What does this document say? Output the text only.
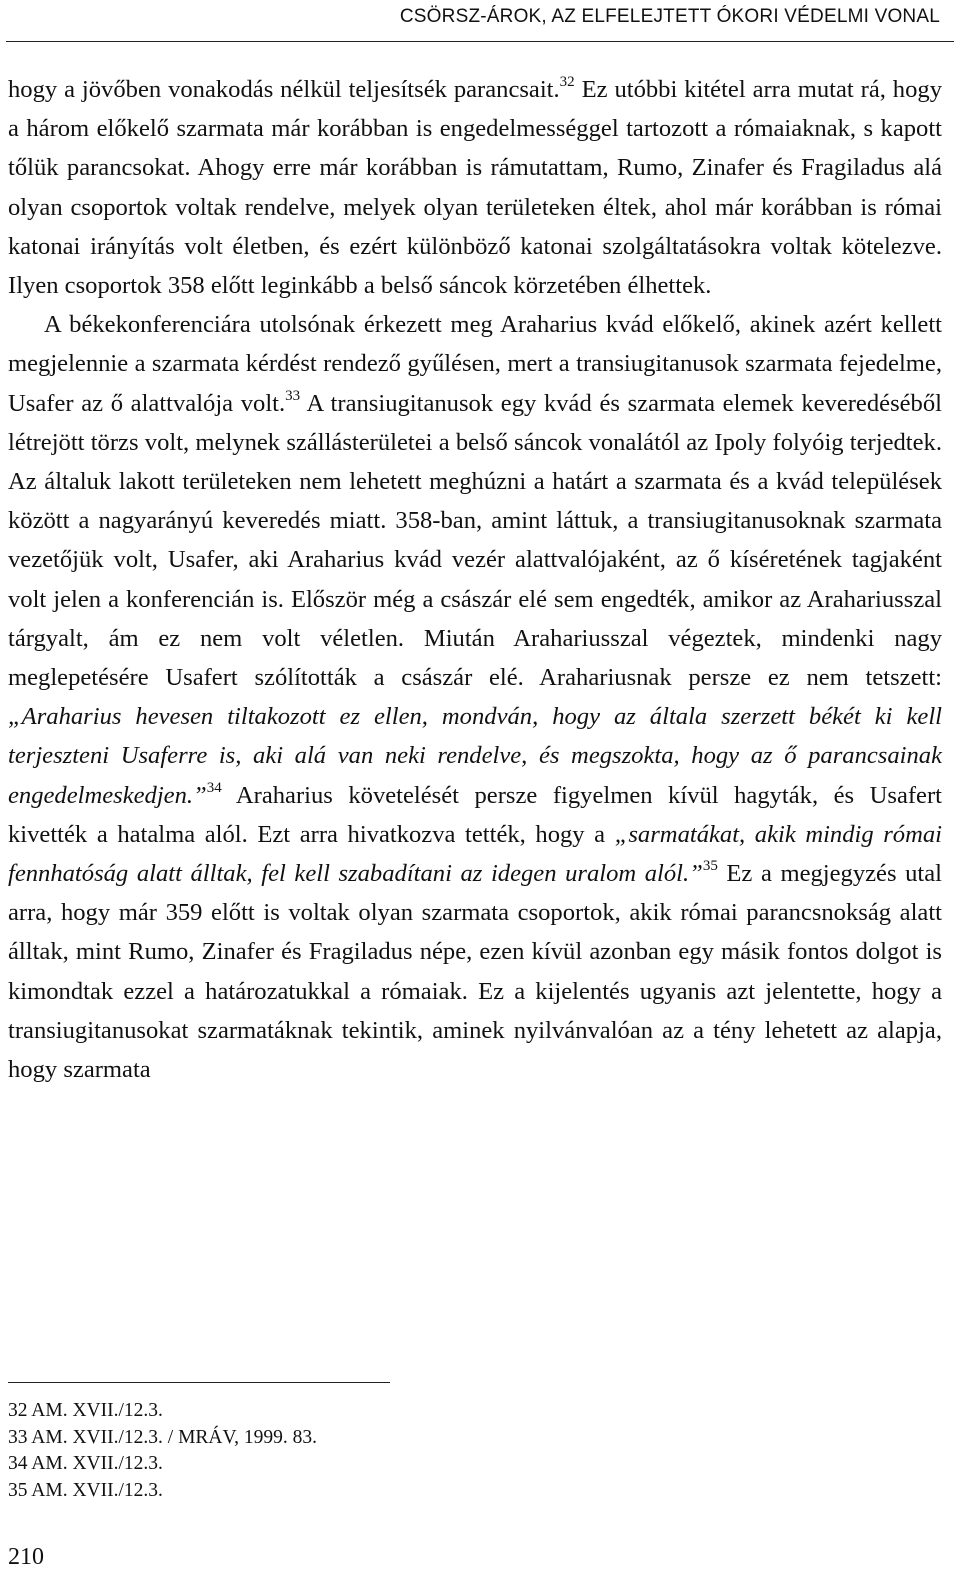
CSÖRSZ-ÁROK, AZ ELFELEJTETT ÓKORI VÉDELMI VONAL

hogy a jövőben vonakodás nélkül teljesítsék parancsait.$^{32}$ Ez utóbbi kitétel arra mutat rá, hogy a három előkelő szarmata már korábban is engedelmességgel tartozott a rómaiaknak, s kapott tőlük parancsokat. Ahogy erre már korábban is rámutattam, Rumo, Zinafer és Fragiladus alá olyan csoportok voltak rendelve, melyek olyan területeken éltek, ahol már korábban is római katonai irányítás volt életben, és ezért különböző katonai szolgáltatásokra voltak kötelezve. Ilyen csoportok 358 előtt leginkább a belső sáncok körzetében élhettek.

A békekonferenciára utolsónak érkezett meg Araharius kvád előkelő, akinek azért kellett megjelennie a szarmata kérdést rendező gyűlésen, mert a transiugitanusok szarmata fejedelme, Usafer az ő alattvalója volt.$^{33}$ A transiugitanusok egy kvád és szarmata elemek keveredéséből létrejött törzs volt, melynek szállásterületei a belső sáncok vonalától az Ipoly folyóig terjedtek. Az általuk lakott területeken nem lehetett meghúzni a határt a szarmata és a kvád települések között a nagyarányú keveredés miatt. 358-ban, amint láttuk, a transiugitanusoknak szarmata vezetőjük volt, Usafer, aki Araharius kvád vezér alattvalójaként, az ő kíséretének tagjaként volt jelen a konferencián is. Először még a császár elé sem engedték, amikor az Arahariusszal tárgyalt, ám ez nem volt véletlen. Miután Arahariusszal végeztek, mindenki nagy meglepetésére Usafert szólították a császár elé. Arahariusnak persze ez nem tetszett: „Araharius hevesen tiltakozott ez ellen, mondván, hogy az általa szerzett békét ki kell terjeszteni Usaferre is, aki alá van neki rendelve, és megszokta, hogy az ő parancsainak engedelmeskedjen.”$^{34}$ Araharius követelését persze figyelmen kívül hagyták, és Usafert kivették a hatalma alól. Ezt arra hivatkozva tették, hogy a „sarmatákat, akik mindig római fennhatóság alatt álltak, fel kell szabadítani az idegen uralom alól.”$^{35}$ Ez a megjegyzés utal arra, hogy már 359 előtt is voltak olyan szarmata csoportok, akik római parancsnokság alatt álltak, mint Rumo, Zinafer és Fragiladus népe, ezen kívül azonban egy másik fontos dolgot is kimondtak ezzel a határozatukkal a rómaiak. Ez a kijelentés ugyanis azt jelentette, hogy a transiugitanusokat szarmatáknak tekintik, aminek nyilvánvalóan az a tény lehetett az alapja, hogy szarmata

32 AM. XVII./12.3.
33 AM. XVII./12.3. / MRÁV, 1999. 83.
34 AM. XVII./12.3.
35 AM. XVII./12.3.
210
